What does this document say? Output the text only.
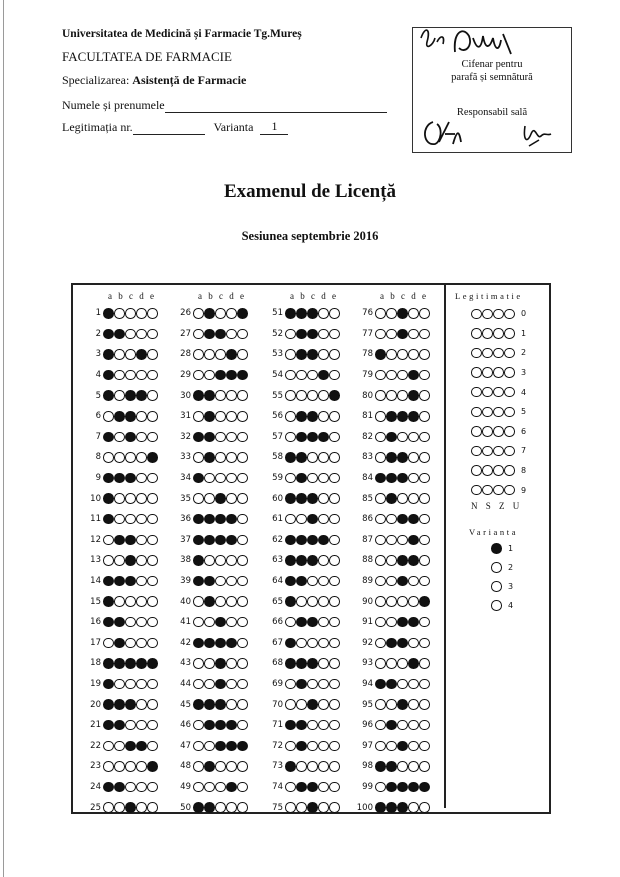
Universitatea de Medicină și Farmacie Tg.Mureș
FACULTATEA DE FARMACIE
Specializarea: Asistență de Farmacie
Numele și prenumele
Legitimația nr.	Varianta 1
Cifenar pentru
parafă și semnătură
Responsabil sală
Examenul de Licență
Sesiunea septembrie 2016
a b c d e
1
2
3
4
5
6
7
8
9
10
11
12
13
14
15
16
17
18
19
20
21
22
23
24
25
a b c d e
26
27
28
29
30
31
32
33
34
35
36
37
38
39
40
41
42
43
44
45
46
47
48
49
50
a b c d e
51
52
53
54
55
56
57
58
59
60
61
62
63
64
65
66
67
68
69
70
71
72
73
74
75
a b c d e
76
77
78
79
80
81
82
83
84
85
86
87
88
89
90
91
92
93
94
95
96
97
98
99
100
Legitimatie
0
1
2
3
4
5
6
7
8
9
N S Z U
Varianta
1
2
3
4
